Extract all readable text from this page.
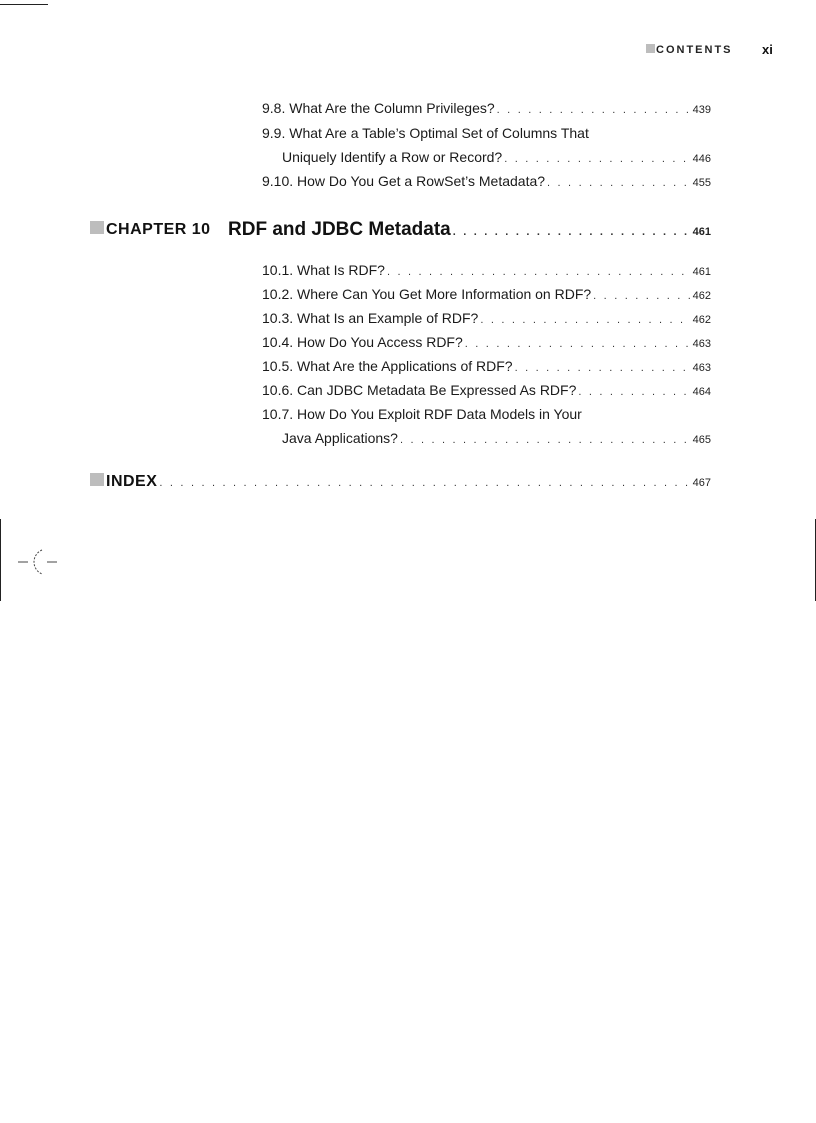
CONTENTS xi
9.8. What Are the Column Privileges? . . .	439
9.9. What Are a Table’s Optimal Set of Columns That
Uniquely Identify a Row or Record? . . .	446
9.10. How Do You Get a RowSet’s Metadata? . . .	455
CHAPTER 10 RDF and JDBC Metadata . . .	461
10.1. What Is RDF? . . .	461
10.2. Where Can You Get More Information on RDF? . . .	462
10.3. What Is an Example of RDF? . . .	462
10.4. How Do You Access RDF? . . .	463
10.5. What Are the Applications of RDF? . . .	463
10.6. Can JDBC Metadata Be Expressed As RDF? . . .	464
10.7. How Do You Exploit RDF Data Models in Your
Java Applications? . . .	465
INDEX . . .	467
